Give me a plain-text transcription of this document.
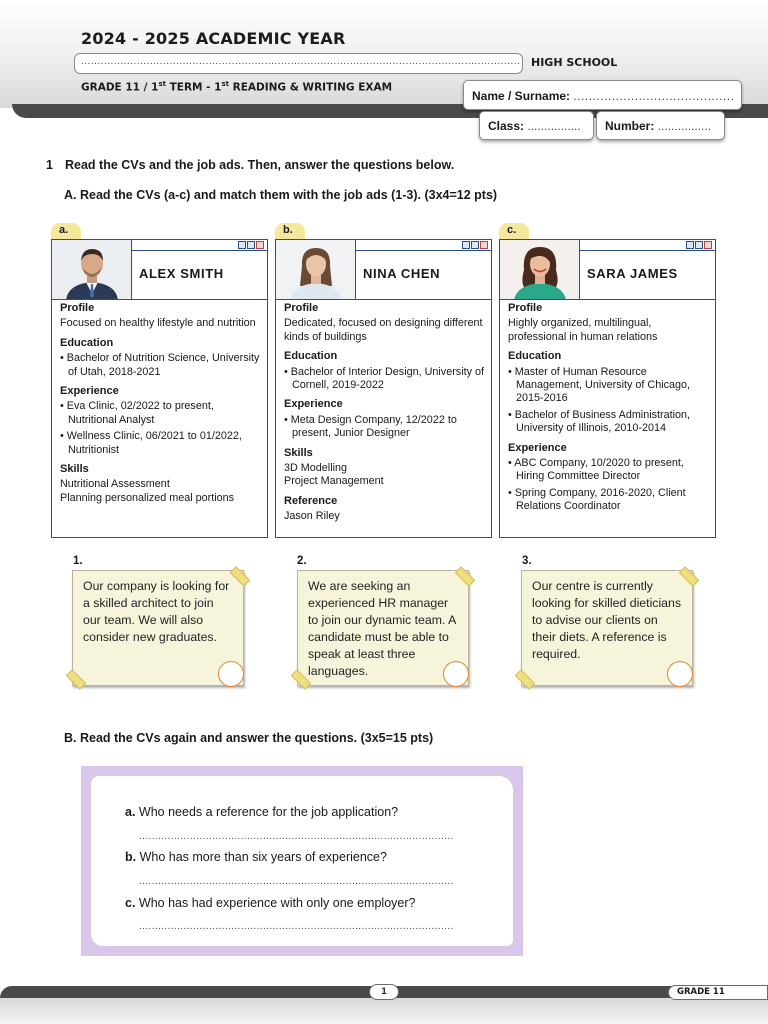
2024 - 2025 ACADEMIC YEAR
...................................................................................................................................... HIGH SCHOOL
GRADE 11 / 1st TERM - 1st READING & WRITING EXAM
Name / Surname: ..........................................
Class: ................	Number: ................
1 Read the CVs and the job ads. Then, answer the questions below.
A. Read the CVs (a-c) and match them with the job ads (1-3). (3x4=12 pts)
a.
ALEX SMITH
Profile
Focused on healthy lifestyle and nutrition
Education
• Bachelor of Nutrition Science, University of Utah, 2018-2021
Experience
• Eva Clinic, 02/2022 to present, Nutritional Analyst
• Wellness Clinic, 06/2021 to 01/2022, Nutritionist
Skills
Nutritional Assessment
Planning personalized meal portions
b.
NINA CHEN
Profile
Dedicated, focused on designing different kinds of buildings
Education
• Bachelor of Interior Design, University of Cornell, 2019-2022
Experience
• Meta Design Company, 12/2022 to present, Junior Designer
Skills
3D Modelling
Project Management
Reference
Jason Riley
c.
SARA JAMES
Profile
Highly organized, multilingual, professional in human relations
Education
• Master of Human Resource Management, University of Chicago, 2015-2016
• Bachelor of Business Administration, University of Illinois, 2010-2014
Experience
• ABC Company, 10/2020 to present, Hiring Committee Director
• Spring Company, 2016-2020, Client Relations Coordinator
1.
Our company is looking for a skilled architect to join our team. We will also consider new graduates.
2.
We are seeking an experienced HR manager to join our dynamic team. A candidate must be able to speak at least three languages.
3.
Our centre is currently looking for skilled dieticians to advise our clients on their diets. A reference is required.
B. Read the CVs again and answer the questions. (3x5=15 pts)
a. Who needs a reference for the job application?
...................................................................................................
b. Who has more than six years of experience?
...................................................................................................
c. Who has had experience with only one employer?
...................................................................................................
1	GRADE 11
